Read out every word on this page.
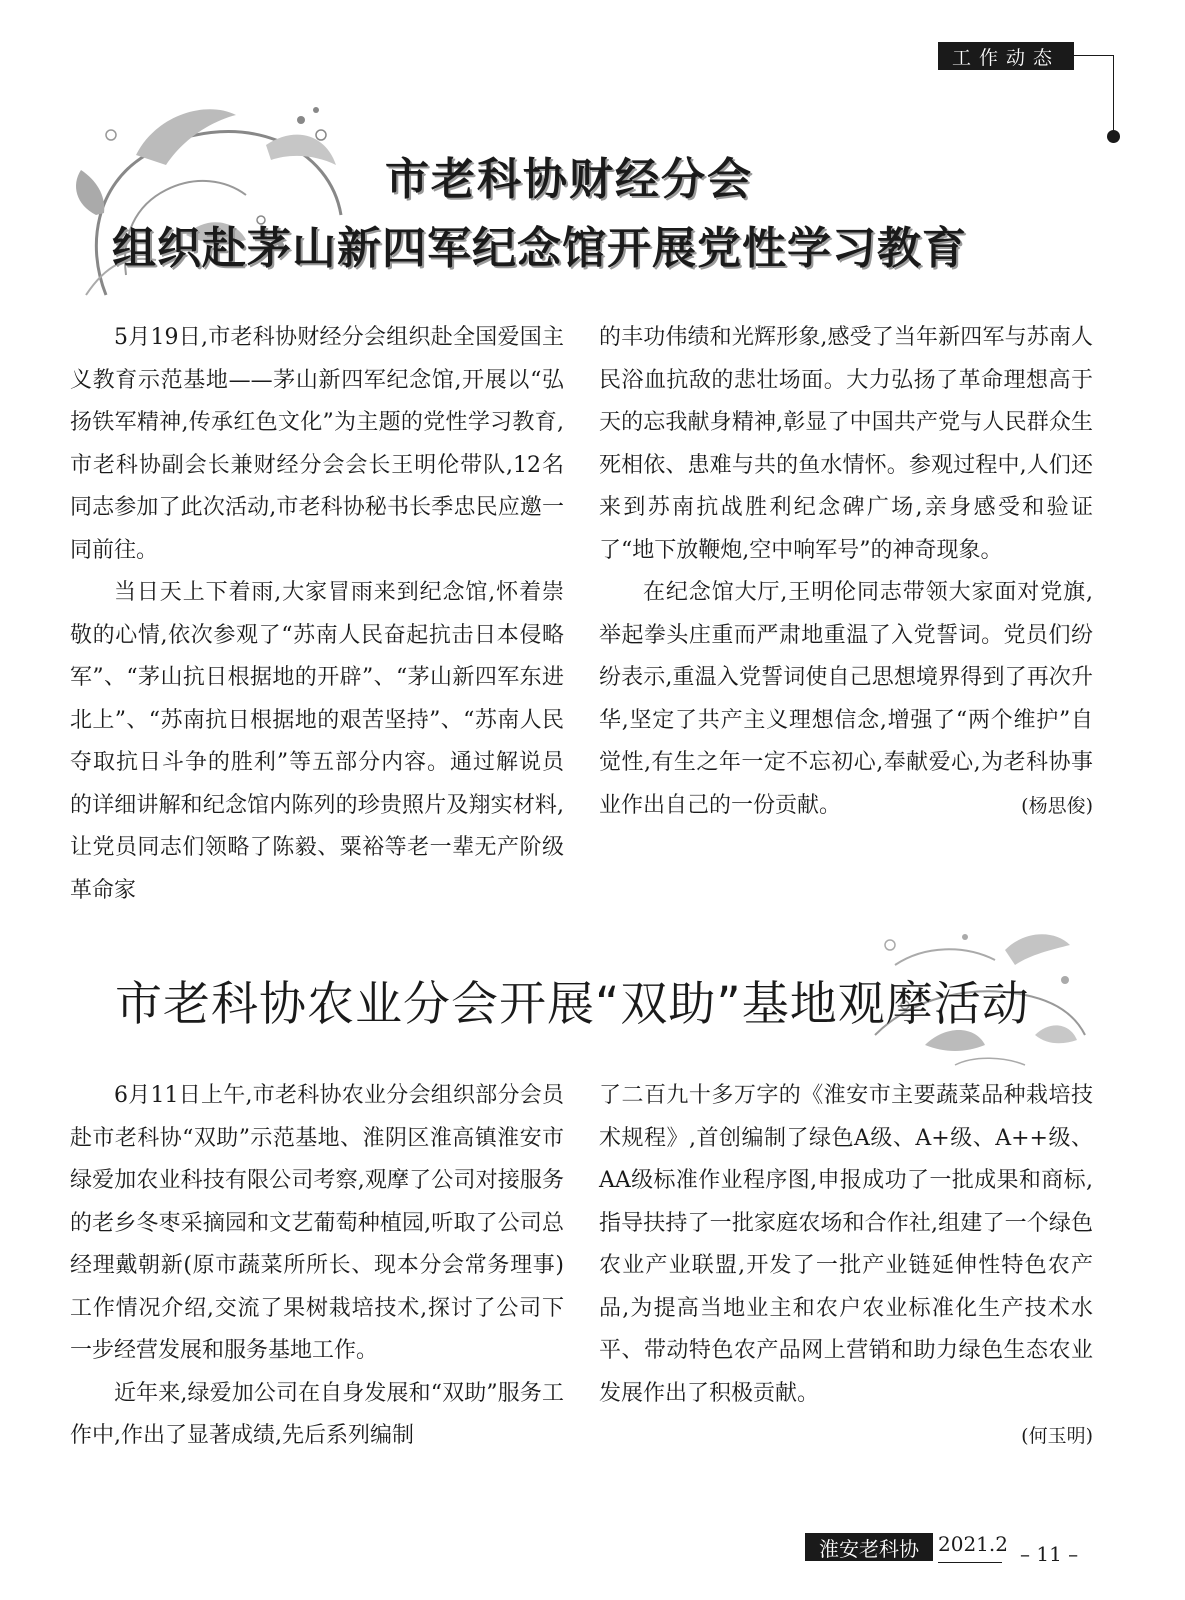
工作动态
市老科协财经分会
组织赴茅山新四军纪念馆开展党性学习教育

5月19日,市老科协财经分会组织赴全国爱国主义教育示范基地——茅山新四军纪念馆,开展以“弘扬铁军精神,传承红色文化”为主题的党性学习教育,市老科协副会长兼财经分会会长王明伦带队,12名同志参加了此次活动,市老科协秘书长季忠民应邀一同前往。

当日天上下着雨,大家冒雨来到纪念馆,怀着崇敬的心情,依次参观了“苏南人民奋起抗击日本侵略军”、“茅山抗日根据地的开辟”、“茅山新四军东进北上”、“苏南抗日根据地的艰苦坚持”、“苏南人民夺取抗日斗争的胜利”等五部分内容。通过解说员的详细讲解和纪念馆内陈列的珍贵照片及翔实材料,让党员同志们领略了陈毅、粟裕等老一辈无产阶级革命家

的丰功伟绩和光辉形象,感受了当年新四军与苏南人民浴血抗敌的悲壮场面。大力弘扬了革命理想高于天的忘我献身精神,彰显了中国共产党与人民群众生死相依、患难与共的鱼水情怀。参观过程中,人们还来到苏南抗战胜利纪念碑广场,亲身感受和验证了“地下放鞭炮,空中响军号”的神奇现象。

在纪念馆大厅,王明伦同志带领大家面对党旗,举起拳头庄重而严肃地重温了入党誓词。党员们纷纷表示,重温入党誓词使自己思想境界得到了再次升华,坚定了共产主义理想信念,增强了“两个维护”自觉性,有生之年一定不忘初心,奉献爱心,为老科协事业作出自己的一份贡献。	(杨思俊)

市老科协农业分会开展“双助”基地观摩活动

6月11日上午,市老科协农业分会组织部分会员赴市老科协“双助”示范基地、淮阴区淮高镇淮安市绿爱加农业科技有限公司考察,观摩了公司对接服务的老乡冬枣采摘园和文艺葡萄种植园,听取了公司总经理戴朝新(原市蔬菜所所长、现本分会常务理事)工作情况介绍,交流了果树栽培技术,探讨了公司下一步经营发展和服务基地工作。

近年来,绿爱加公司在自身发展和“双助”服务工作中,作出了显著成绩,先后系列编制

了二百九十多万字的《淮安市主要蔬菜品种栽培技术规程》,首创编制了绿色A级、A+级、A++级、AA级标准作业程序图,申报成功了一批成果和商标,指导扶持了一批家庭农场和合作社,组建了一个绿色农业产业联盟,开发了一批产业链延伸性特色农产品,为提高当地业主和农户农业标准化生产技术水平、带动特色农产品网上营销和助力绿色生态农业发展作出了积极贡献。

(何玉明)
淮安老科协 2021.2 – 11 –
